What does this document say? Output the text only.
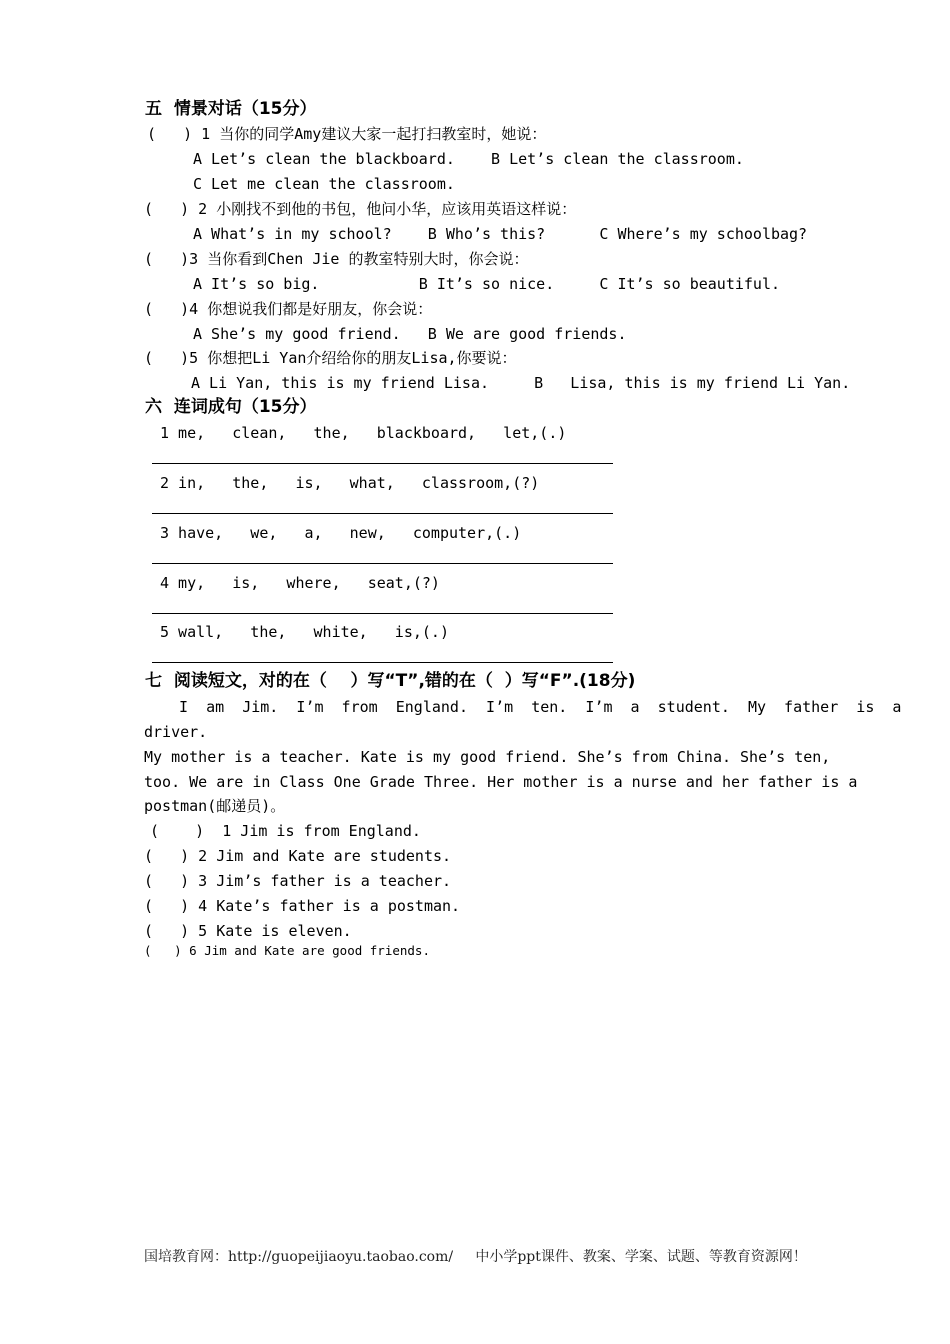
五  情景对话（15分）
(   ) 1 当你的同学Amy建议大家一起打扫教室时，她说：
A Let’s clean the blackboard.    B Let’s clean the classroom.
C Let me clean the classroom.
(   ) 2 小刚找不到他的书包，他问小华，应该用英语这样说：
A What’s in my school?    B Who’s this?      C Where’s my schoolbag?
(   )3 当你看到Chen Jie 的教室特别大时，你会说：
A It’s so big.           B It’s so nice.     C It’s so beautiful.
(   )4 你想说我们都是好朋友，你会说：
A She’s my good friend.   B We are good friends.
(   )5 你想把Li Yan介绍给你的朋友Lisa,你要说：
A Li Yan, this is my friend Lisa.     B   Lisa, this is my friend Li Yan.
六  连词成句（15分）
1 me,   clean,   the,   blackboard,   let,(.)
2 in,   the,   is,   what,   classroom,(?)
3 have,   we,   a,   new,   computer,(.)
4 my,   is,   where,   seat,(?)
5 wall,   the,   white,   is,(.)
七  阅读短文，对的在（    ）写“T”,错的在（  ）写“F”.(18分)
I  am  Jim.  I’m  from  England.  I’m  ten.  I’m  a  student.  My  father  is  a
driver.
My mother is a teacher. Kate is my good friend. She’s from China. She’s ten,
too. We are in Class One Grade Three. Her mother is a nurse and her father is a
postman(邮递员)。
(    )  1 Jim is from England.
(   ) 2 Jim and Kate are students.
(   ) 3 Jim’s father is a teacher.
(   ) 4 Kate’s father is a postman.
(   ) 5 Kate is eleven.
(   ) 6 Jim and Kate are good friends.
国培教育网：http://guopeijiaoyu.taobao.com/     中小学ppt课件、教案、学案、试题、等教育资源网！
